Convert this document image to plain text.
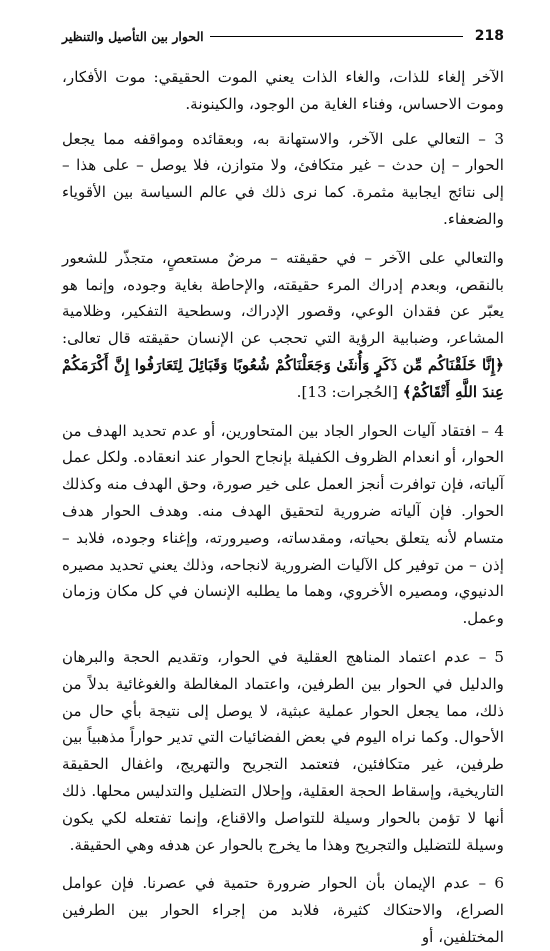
218
الحوار بين التأصيل والتنظير

الآخر إلغاء للذات، والغاء الذات يعني الموت الحقيقي: موت الأفكار، وموت الاحساس، وفناء الغاية من الوجود، والكينونة.

3 – التعالي على الآخر، والاستهانة به، وبعقائده ومواقفه مما يجعل الحوار – إن حدث – غير متكافئ، ولا متوازن، فلا يوصل – على هذا – إلى نتائج ايجابية مثمرة. كما نرى ذلك في عالم السياسة بين الأقوياء والضعفاء.

والتعالي على الآخر – في حقيقته – مرضٌ مستعصٍ، متجذّر للشعور بالنقص، وبعدم إدراك المرء حقيقته، والإحاطة بغاية وجوده، وإنما هو يعبّر عن فقدان الوعي، وقصور الإدراك، وسطحية التفكير، وظلامية المشاعر، وضبابية الرؤية التي تحجب عن الإنسان حقيقته قال تعالى: ﴿إِنَّا خَلَقْنَاكُم مِّن ذَكَرٍ وَأُنثَىٰ وَجَعَلْنَاكُمْ شُعُوبًا وَقَبَائِلَ لِتَعَارَفُوا إِنَّ أَكْرَمَكُمْ عِندَ اللَّهِ أَتْقَاكُمْ﴾ [الحُجرات: 13].

4 – افتقاد آليات الحوار الجاد بين المتحاورين، أو عدم تحديد الهدف من الحوار، أو انعدام الظروف الكفيلة بإنجاح الحوار عند انعقاده. ولكل عمل آلياته، فإن توافرت أنجز العمل على خير صورة، وحق الهدف منه وكذلك الحوار. فإن آلياته ضرورية لتحقيق الهدف منه. وهدف الحوار هدف متسام لأنه يتعلق بحياته، ومقدساته، وصيرورته، وإغناء وجوده، فلابد – إذن – من توفير كل الآليات الضرورية لانجاحه، وذلك يعني تحديد مصيره الدنيوي، ومصيره الأخروي، وهما ما يطلبه الإنسان في كل مكان وزمان وعمل.

5 – عدم اعتماد المناهج العقلية في الحوار، وتقديم الحجة والبرهان والدليل في الحوار بين الطرفين، واعتماد المغالطة والغوغائية بدلاً من ذلك، مما يجعل الحوار عملية عبثية، لا يوصل إلى نتيجة بأي حال من الأحوال. وكما نراه اليوم في بعض الفضائيات التي تدير حواراً مذهبياً بين طرفين، غير متكافئين، فتعتمد التجريح والتهريج، واغفال الحقيقة التاريخية، وإسقاط الحجة العقلية، وإحلال التضليل والتدليس محلها. ذلك أنها لا تؤمن بالحوار وسيلة للتواصل والاقناع، وإنما تفتعله لكي يكون وسيلة للتضليل والتجريح وهذا ما يخرج بالحوار عن هدفه وهي الحقيقة.

6 – عدم الإيمان بأن الحوار ضرورة حتمية في عصرنا. فإن عوامل الصراع، والاحتكاك كثيرة، فلابد من إجراء الحوار بين الطرفين المختلفين، أو
